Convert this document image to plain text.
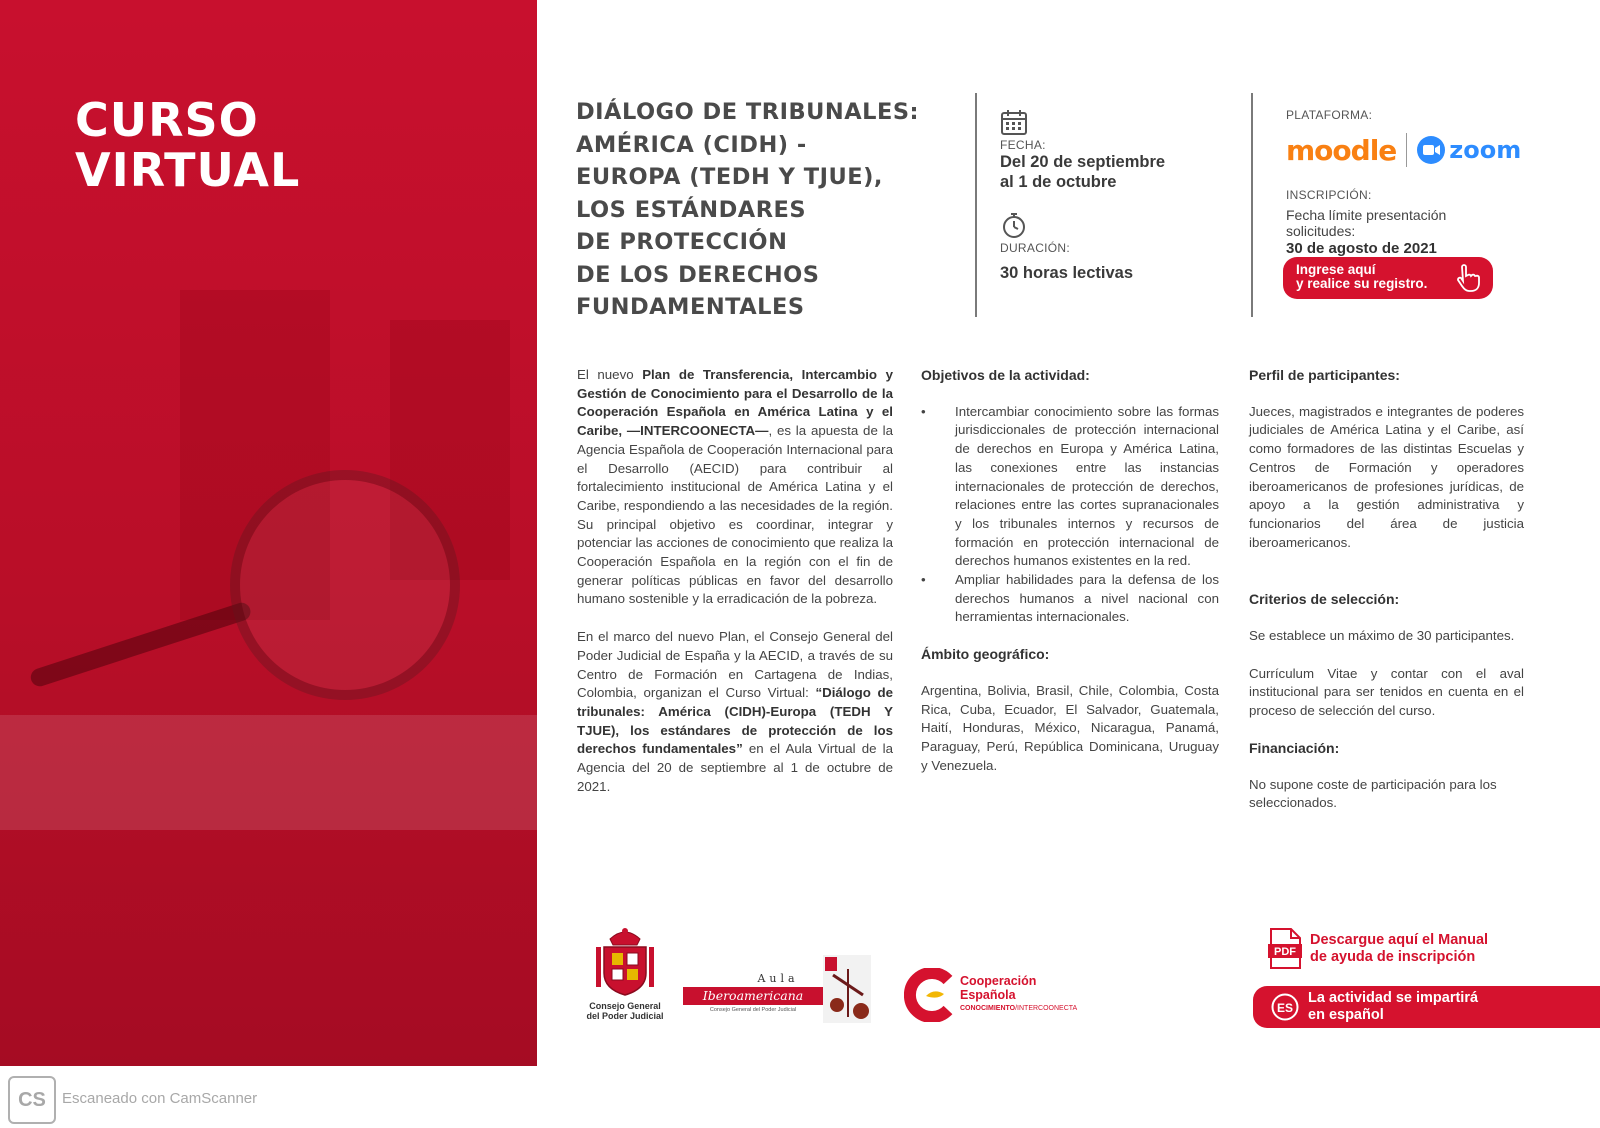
CURSO
VIRTUAL
DIÁLOGO DE TRIBUNALES:
AMÉRICA (CIDH) -
EUROPA (TEDH Y TJUE),
LOS ESTÁNDARES
DE PROTECCIÓN
DE LOS DERECHOS
FUNDAMENTALES
FECHA:
Del 20 de septiembre
al 1 de octubre
DURACIÓN:
30 horas lectivas
PLATAFORMA:
moodle zoom
INSCRIPCIÓN:
Fecha límite presentación
solicitudes:
30 de agosto de 2021
Ingrese aquí
y realice su registro.

El nuevo Plan de Transferencia, Intercambio y Gestión de Conocimiento para el Desarrollo de la Cooperación Española en América Latina y el Caribe, —INTERCOONECTA—, es la apuesta de la Agencia Española de Cooperación Internacional para el Desarrollo (AECID) para contribuir al fortalecimiento institucional de América Latina y el Caribe, respondiendo a las necesidades de la región. Su principal objetivo es coordinar, integrar y potenciar las acciones de conocimiento que realiza la Cooperación Española en la región con el fin de generar políticas públicas en favor del desarrollo humano sostenible y la erradicación de la pobreza.

En el marco del nuevo Plan, el Consejo General del Poder Judicial de España y la AECID, a través de su Centro de Formación en Cartagena de Indias, Colombia, organizan el Curso Virtual: “Diálogo de tribunales: América (CIDH)-Europa (TEDH Y TJUE), los estándares de protección de los derechos fundamentales” en el Aula Virtual de la Agencia del 20 de septiembre al 1 de octubre de 2021.

Objetivos de la actividad:
• Intercambiar conocimiento sobre las formas jurisdiccionales de protección internacional de derechos en Europa y América Latina, las conexiones entre las instancias internacionales de protección de derechos, relaciones entre las cortes supranacionales y los tribunales internos y recursos de formación en protección internacional de derechos humanos existentes en la red.
• Ampliar habilidades para la defensa de los derechos humanos a nivel nacional con herramientas internacionales.
Ámbito geográfico:

Argentina, Bolivia, Brasil, Chile, Colombia, Costa Rica, Cuba, Ecuador, El Salvador, Guatemala, Haití, Honduras, México, Nicaragua, Panamá, Paraguay, Perú, República Dominicana, Uruguay y Venezuela.

Perfil de participantes:

Jueces, magistrados e integrantes de poderes judiciales de América Latina y el Caribe, así como formadores de las distintas Escuelas y Centros de Formación y operadores iberoamericanos de profesiones jurídicas, de apoyo a la gestión administrativa y funcionarios del área de justicia iberoamericanos.

Criterios de selección:

Se establece un máximo de 30 participantes.

Currículum Vitae y contar con el aval institucional para ser tenidos en cuenta en el proceso de selección del curso.

Financiación:

No supone coste de participación para los seleccionados.

Consejo General
del Poder Judicial
Aula
Iberoamericana
Consejo General del Poder Judicial
Cooperación
Española
CONOCIMIENTO/INTERCOONECTA
PDF
Descargue aquí el Manual
de ayuda de inscripción
ES
La actividad se impartirá
en español
CS	Escaneado con CamScanner
